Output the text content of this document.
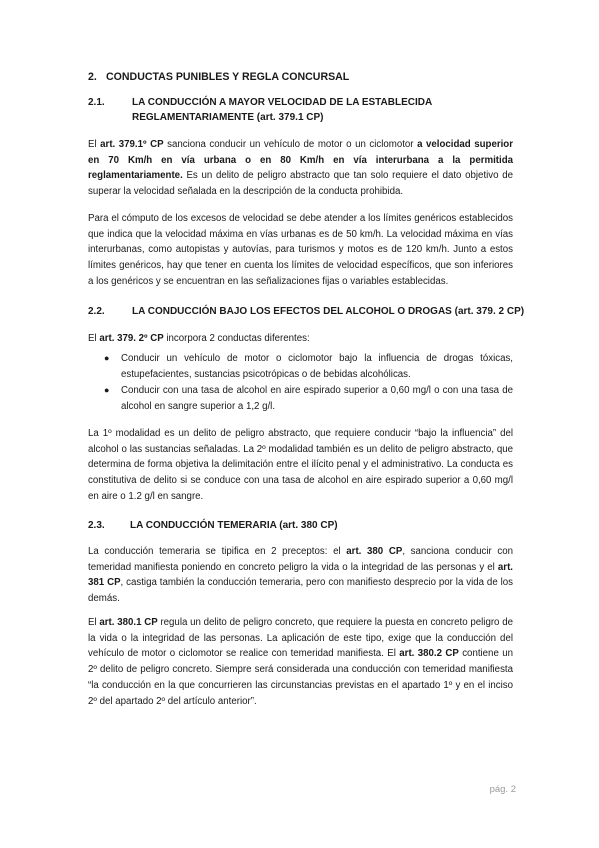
2. CONDUCTAS PUNIBLES Y REGLA CONCURSAL
2.1.	LA CONDUCCIÓN A MAYOR VELOCIDAD DE LA ESTABLECIDA REGLAMENTARIAMENTE (art. 379.1 CP)

El art. 379.1º CP sanciona conducir un vehículo de motor o un ciclomotor a velocidad superior en 70 Km/h en vía urbana o en 80 Km/h en vía interurbana a la permitida reglamentariamente. Es un delito de peligro abstracto que tan solo requiere el dato objetivo de superar la velocidad señalada en la descripción de la conducta prohibida.

Para el cómputo de los excesos de velocidad se debe atender a los límites genéricos establecidos que indica que la velocidad máxima en vías urbanas es de 50 km/h. La velocidad máxima en vías interurbanas, como autopistas y autovías, para turismos y motos es de 120 km/h. Junto a estos límites genéricos, hay que tener en cuenta los límites de velocidad específicos, que son inferiores a los genéricos y se encuentran en las señalizaciones fijas o variables establecidas.

2.2.	LA CONDUCCIÓN BAJO LOS EFECTOS DEL ALCOHOL O DROGAS (art. 379. 2 CP)

El art. 379. 2º CP incorpora 2 conductas diferentes:

● Conducir un vehículo de motor o ciclomotor bajo la influencia de drogas tóxicas, estupefacientes, sustancias psicotrópicas o de bebidas alcohólicas.
● Conducir con una tasa de alcohol en aire espirado superior a 0,60 mg/l o con una tasa de alcohol en sangre superior a 1,2 g/l.

La 1º modalidad es un delito de peligro abstracto, que requiere conducir “bajo la influencia” del alcohol o las sustancias señaladas. La 2º modalidad también es un delito de peligro abstracto, que determina de forma objetiva la delimitación entre el ilícito penal y el administrativo. La conducta es constitutiva de delito si se conduce con una tasa de alcohol en aire espirado superior a 0,60 mg/l en aire o 1.2 g/l en sangre.

2.3.	LA CONDUCCIÓN TEMERARIA (art. 380 CP)

La conducción temeraria se tipifica en 2 preceptos: el art. 380 CP, sanciona conducir con temeridad manifiesta poniendo en concreto peligro la vida o la integridad de las personas y el art. 381 CP, castiga también la conducción temeraria, pero con manifiesto desprecio por la vida de los demás.

El art. 380.1 CP regula un delito de peligro concreto, que requiere la puesta en concreto peligro de la vida o la integridad de las personas. La aplicación de este tipo, exige que la conducción del vehículo de motor o ciclomotor se realice con temeridad manifiesta. El art. 380.2 CP contiene un 2º delito de peligro concreto. Siempre será considerada una conducción con temeridad manifiesta “la conducción en la que concurrieren las circunstancias previstas en el apartado 1º y en el inciso 2º del apartado 2º del artículo anterior”.

pág. 2
